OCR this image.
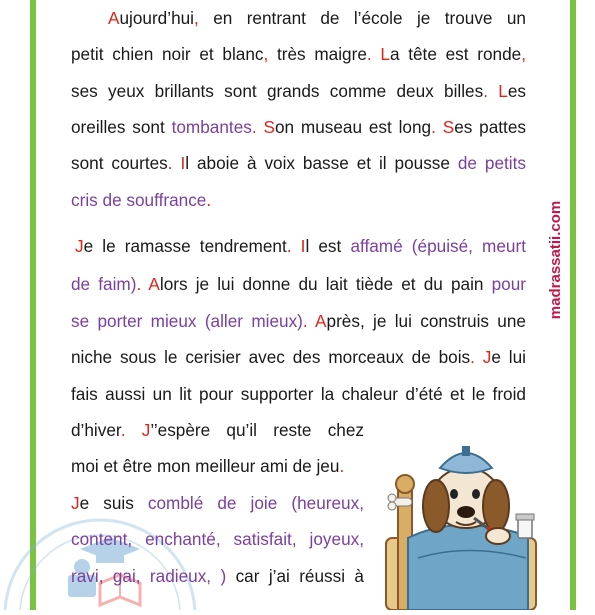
Aujourd’hui, en rentrant de l’école je trouve un
petit chien noir et blanc, très maigre. La tête est ronde,
ses yeux brillants sont grands comme deux billes. Les
oreilles sont tombantes. Son museau est long. Ses pattes
sont courtes. Il aboie à voix basse et il pousse de petits
cris de souffrance.
Je le ramasse tendrement. Il est affamé (épuisé, meurt
de faim). Alors je lui donne du lait tiède et du pain pour
se porter mieux (aller mieux). Après, je lui construis une
niche sous le cerisier avec des morceaux de bois. Je lui
fais aussi un lit pour supporter la chaleur d’été et le froid
d’hiver. J’’espère qu’il reste chez
moi et être mon meilleur ami de jeu.
Je suis comblé de joie (heureux,
content, enchanté, satisfait, joyeux,
ravi, gai, radieux, ) car j’ai réussi à
madrassatii.com
